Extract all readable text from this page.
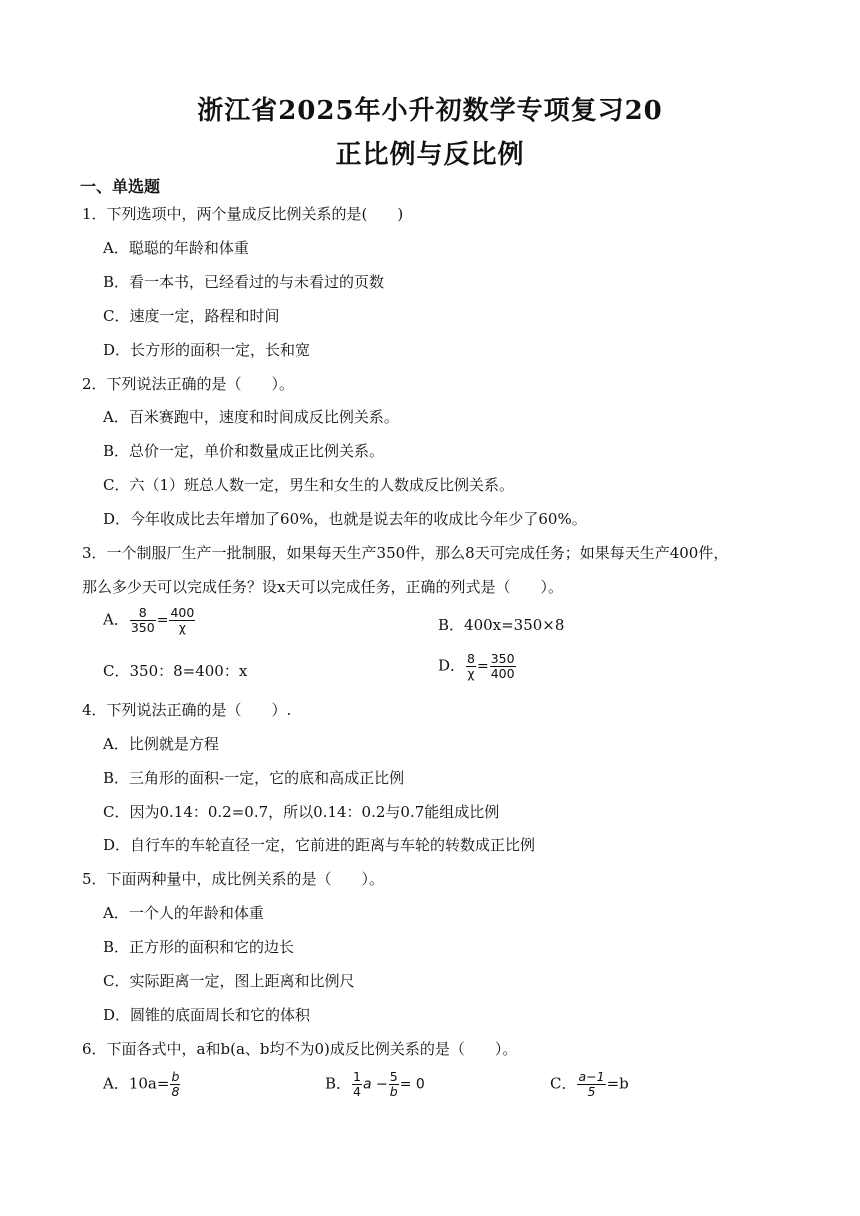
浙江省2025年小升初数学专项复习20
正比例与反比例
一、单选题
1．下列选项中，两个量成反比例关系的是(　　)
A．聪聪的年龄和体重
B．看一本书，已经看过的与未看过的页数
C．速度一定，路程和时间
D．长方形的面积一定，长和宽
2．下列说法正确的是（　　）。
A．百米赛跑中，速度和时间成反比例关系。
B．总价一定，单价和数量成正比例关系。
C．六（1）班总人数一定，男生和女生的人数成反比例关系。
D．今年收成比去年增加了60%，也就是说去年的收成比今年少了60%。
3．一个制服厂生产一批制服，如果每天生产350件，那么8天可完成任务；如果每天生产400件，
那么多少天可以完成任务？设x天可以完成任务，正确的列式是（　　）。
A． $\frac{8}{350} = \frac{400}{\chi}$	B．400x=350×8
C．350：8=400：x	D． $\frac{8}{\chi} = \frac{350}{400}$
4．下列说法正确的是（　　）.
A．比例就是方程
B．三角形的面积-一定，它的底和高成正比例
C．因为0.14：0.2=0.7，所以0.14：0.2与0.7能组成比例
D．自行车的车轮直径一定，它前进的距离与车轮的转数成正比例
5．下面两种量中，成比例关系的是（　　）。
A．一个人的年龄和体重
B．正方形的面积和它的边长
C．实际距离一定，图上距离和比例尺
D．圆锥的底面周长和它的体积
6．下面各式中，a和b(a、b均不为0)成反比例关系的是（　　）。
A．$10a= \frac{b}{8}$	B． $\frac{1}{4}$ $a - \frac{5}{b} = 0$	C． $\frac{a-1}{5} =b$
